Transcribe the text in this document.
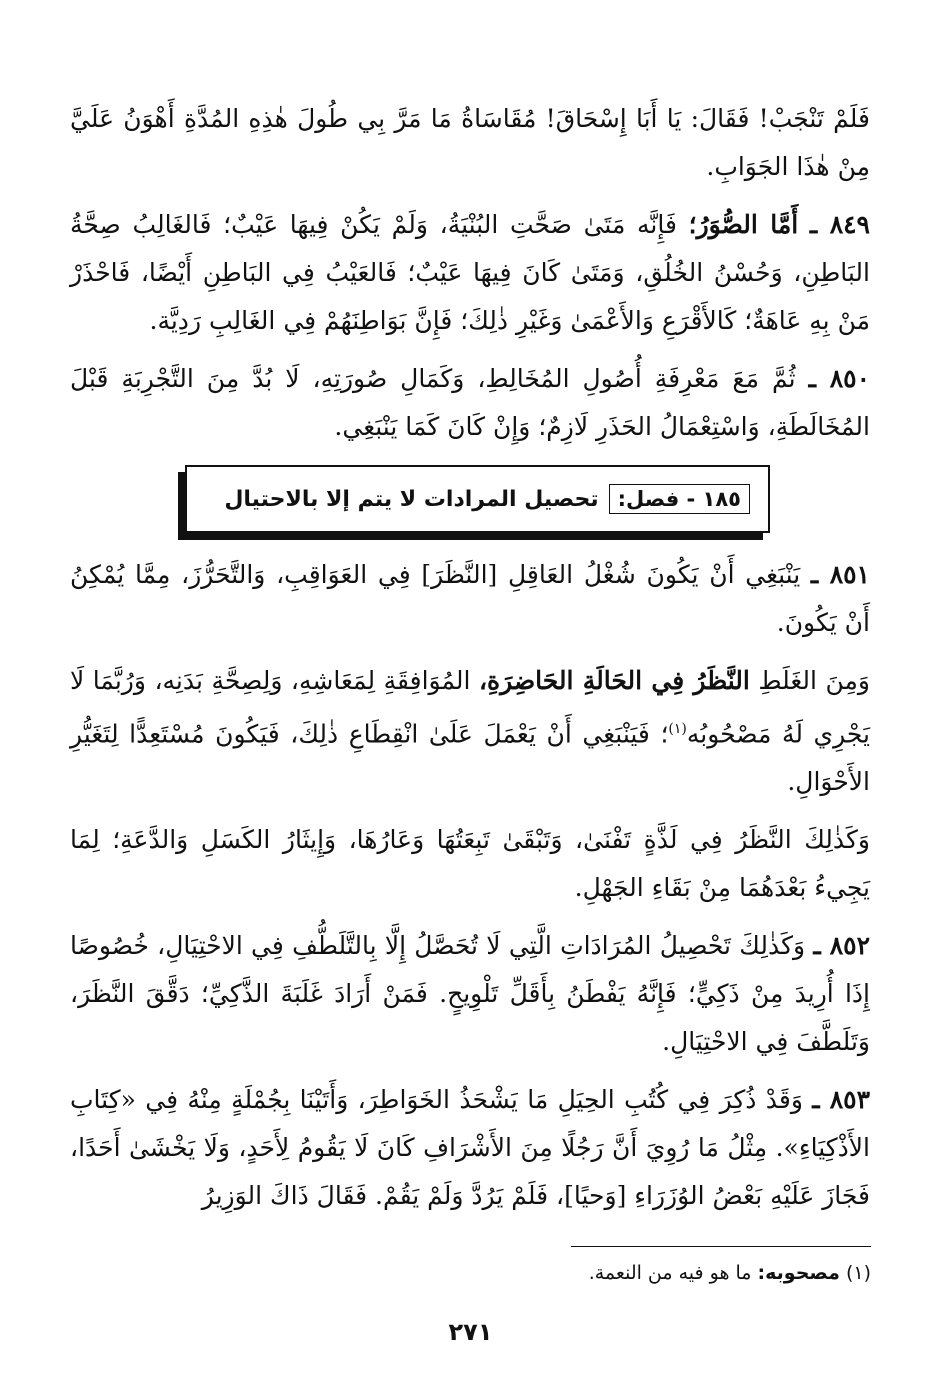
فَلَمْ تَنْجَبْ! فَقَالَ: يَا أَبَا إِسْحَاقَ! مُقَاسَاةُ مَا مَرَّ بِي طُولَ هٰذِهِ المُدَّةِ أَهْوَنُ عَلَيَّ مِنْ هٰذَا الجَوَابِ.

٨٤٩ ـ أَمَّا الصُّوَرُ؛ فَإِنَّه مَتَىٰ صَحَّتِ البُنْيَةُ، وَلَمْ يَكُنْ فِيهَا عَيْبٌ؛ فَالغَالِبُ صِحَّةُ البَاطِنِ، وَحُسْنُ الخُلُقِ، وَمَتَىٰ كَانَ فِيهَا عَيْبٌ؛ فَالعَيْبُ فِي البَاطِنِ أَيْضًا، فَاحْذَرْ مَنْ بِهِ عَاهَةٌ؛ كَالأَقْرَعِ وَالأَعْمَىٰ وَغَيْرِ ذٰلِكَ؛ فَإِنَّ بَوَاطِنَهُمْ فِي الغَالِبِ رَدِيَّة.

٨٥٠ ـ ثُمَّ مَعَ مَعْرِفَةِ أُصُولِ المُخَالِطِ، وَكَمَالِ صُورَتِهِ، لَا بُدَّ مِنَ التَّجْرِبَةِ قَبْلَ المُخَالَطَةِ، وَاسْتِعْمَالُ الحَذَرِ لَازِمٌ؛ وَإِنْ كَانَ كَمَا يَنْبَغِي.

١٨٥ - فصل:
تحصيل المرادات لا يتم إلا بالاحتيال

٨٥١ ـ يَنْبَغِي أَنْ يَكُونَ شُغْلُ العَاقِلِ [النَّظَرَ] فِي العَوَاقِبِ، وَالتَّحَرُّزَ، مِمَّا يُمْكِنُ أَنْ يَكُونَ.

وَمِنَ الغَلَطِ النَّظَرُ فِي الحَالَةِ الحَاضِرَةِ، المُوَافِقَةِ لِمَعَاشِهِ، وَلِصِحَّةِ بَدَنِه، وَرُبَّمَا لَا يَجْرِي لَهُ مَصْحُوبُه$^{(١)}$؛ فَيَنْبَغِي أَنْ يَعْمَلَ عَلَىٰ انْقِطَاعِ ذٰلِكَ، فَيَكُونَ مُسْتَعِدًّا لِتَغَيُّرِ الأَحْوَالِ.

وَكَذٰلِكَ النَّظَرُ فِي لَذَّةٍ تَفْنَىٰ، وَتَبْقَىٰ تَبِعَتُهَا وَعَارُهَا، وَإِيثَارُ الكَسَلِ وَالدَّعَةِ؛ لِمَا يَجِيءُ بَعْدَهُمَا مِنْ بَقَاءِ الجَهْلِ.

٨٥٢ ـ وَكَذٰلِكَ تَحْصِيلُ المُرَادَاتِ الَّتِي لَا تُحَصَّلُ إِلَّا بِالتَّلَطُّفِ فِي الاحْتِيَالِ، خُصُوصًا إِذَا أُرِيدَ مِنْ ذَكِيٍّ؛ فَإِنَّهُ يَفْطَنُ بِأَقَلِّ تَلْوِيحٍ. فَمَنْ أَرَادَ غَلَبَةَ الذَّكِيِّ؛ دَقَّقَ النَّظَرَ، وَتَلَطَّفَ فِي الاحْتِيَالِ.

٨٥٣ ـ وَقَدْ ذُكِرَ فِي كُتُبِ الحِيَلِ مَا يَشْحَذُ الخَوَاطِرَ، وَأَتَيْنَا بِجُمْلَةٍ مِنْهُ فِي «كِتَابِ الأَذْكِيَاءِ». مِثْلُ مَا رُوِيَ أَنَّ رَجُلًا مِنَ الأَشْرَافِ كَانَ لَا يَقُومُ لِأَحَدٍ، وَلَا يَخْشَىٰ أَحَدًا، فَجَازَ عَلَيْهِ بَعْضُ الوُزَرَاءِ [وَحيًا]، فَلَمْ يَرُدَّ وَلَمْ يَقُمْ. فَقَالَ ذَاكَ الوَزِيرُ

(١) مصحوبه: ما هو فيه من النعمة.
٢٧١
